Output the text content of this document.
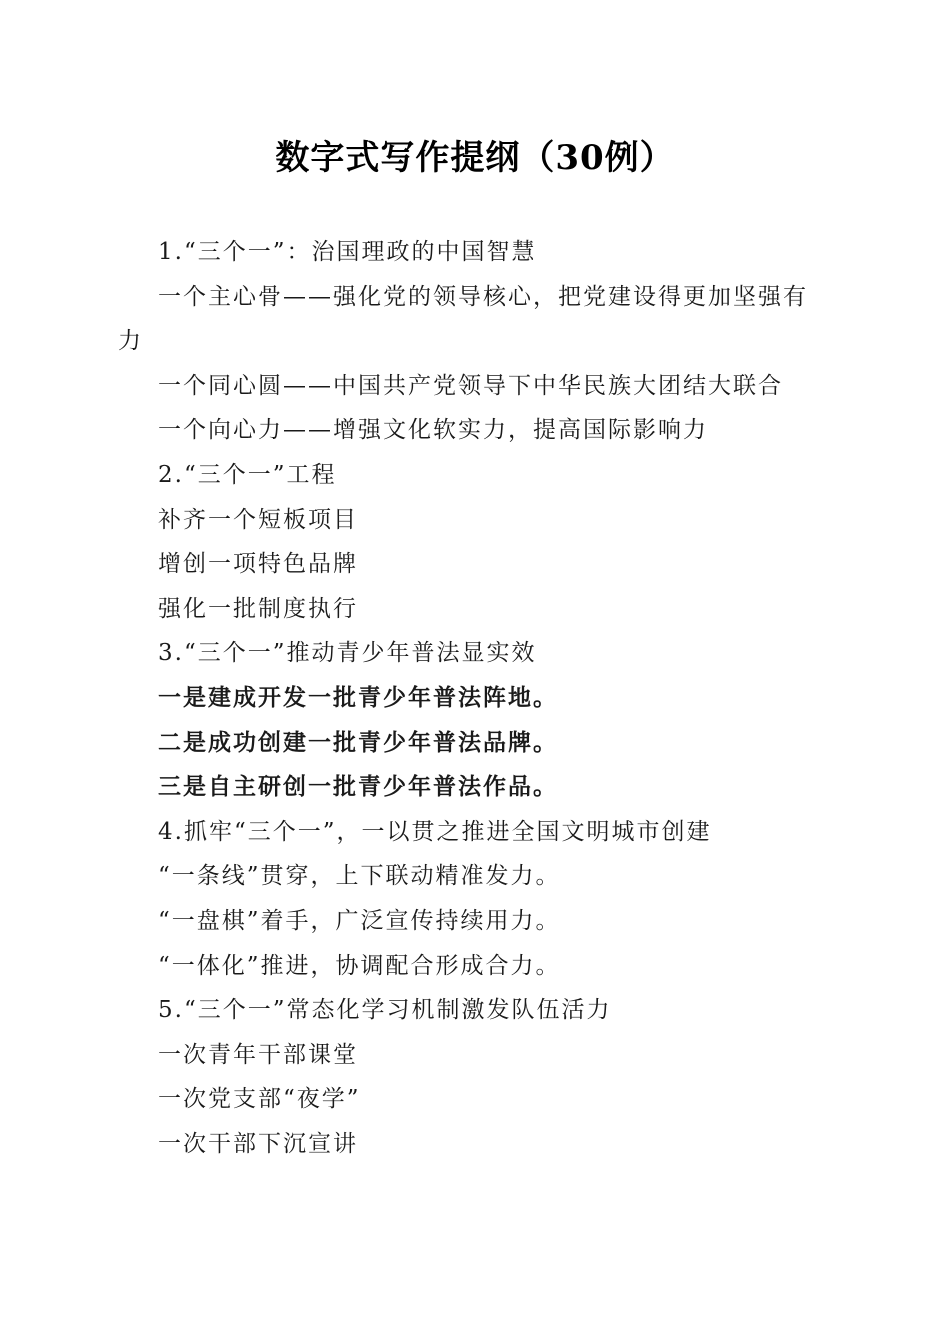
数字式写作提纲（30例）

1.“三个一”：治国理政的中国智慧

一个主心骨——强化党的领导核心，把党建设得更加坚强有力

一个同心圆——中国共产党领导下中华民族大团结大联合

一个向心力——增强文化软实力，提高国际影响力

2.“三个一”工程

补齐一个短板项目

增创一项特色品牌

强化一批制度执行

3.“三个一”推动青少年普法显实效

一是建成开发一批青少年普法阵地。

二是成功创建一批青少年普法品牌。

三是自主研创一批青少年普法作品。

4.抓牢“三个一”，一以贯之推进全国文明城市创建

“一条线”贯穿，上下联动精准发力。

“一盘棋”着手，广泛宣传持续用力。

“一体化”推进，协调配合形成合力。

5.“三个一”常态化学习机制激发队伍活力

一次青年干部课堂

一次党支部“夜学”

一次干部下沉宣讲
